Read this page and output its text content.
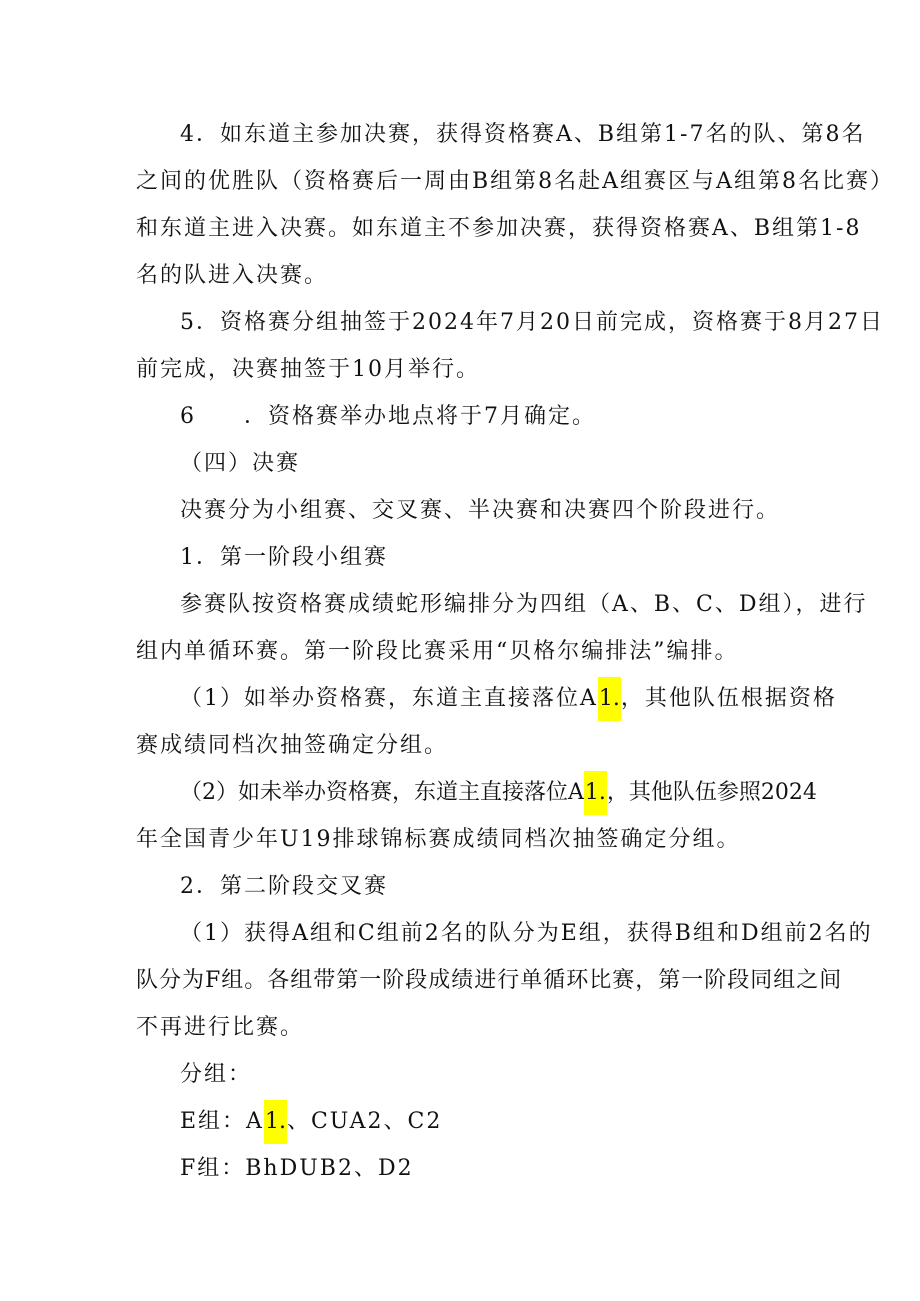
4．如东道主参加决赛，获得资格赛A、B组第1-7名的队、第8名
之间的优胜队（资格赛后一周由B组第8名赴A组赛区与A组第8名比赛）
和东道主进入决赛。如东道主不参加决赛，获得资格赛A、B组第1-8
名的队进入决赛。
5．资格赛分组抽签于2024年7月20日前完成，资格赛于8月27日
前完成，决赛抽签于10月举行。
6　　．资格赛举办地点将于7月确定。
（四）决赛
决赛分为小组赛、交叉赛、半决赛和决赛四个阶段进行。
1．第一阶段小组赛
参赛队按资格赛成绩蛇形编排分为四组（A、B、C、D组），进行
组内单循环赛。第一阶段比赛采用“贝格尔编排法”编排。
（1）如举办资格赛，东道主直接落位A1.，其他队伍根据资格
赛成绩同档次抽签确定分组。
（2）如未举办资格赛，东道主直接落位A1.，其他队伍参照2024
年全国青少年U19排球锦标赛成绩同档次抽签确定分组。
2．第二阶段交叉赛
（1）获得A组和C组前2名的队分为E组，获得B组和D组前2名的
队分为F组。各组带第一阶段成绩进行单循环比赛，第一阶段同组之间
不再进行比赛。
分组：
E组：A1.、CUA2、C2
F组：BhDUB2、D2
